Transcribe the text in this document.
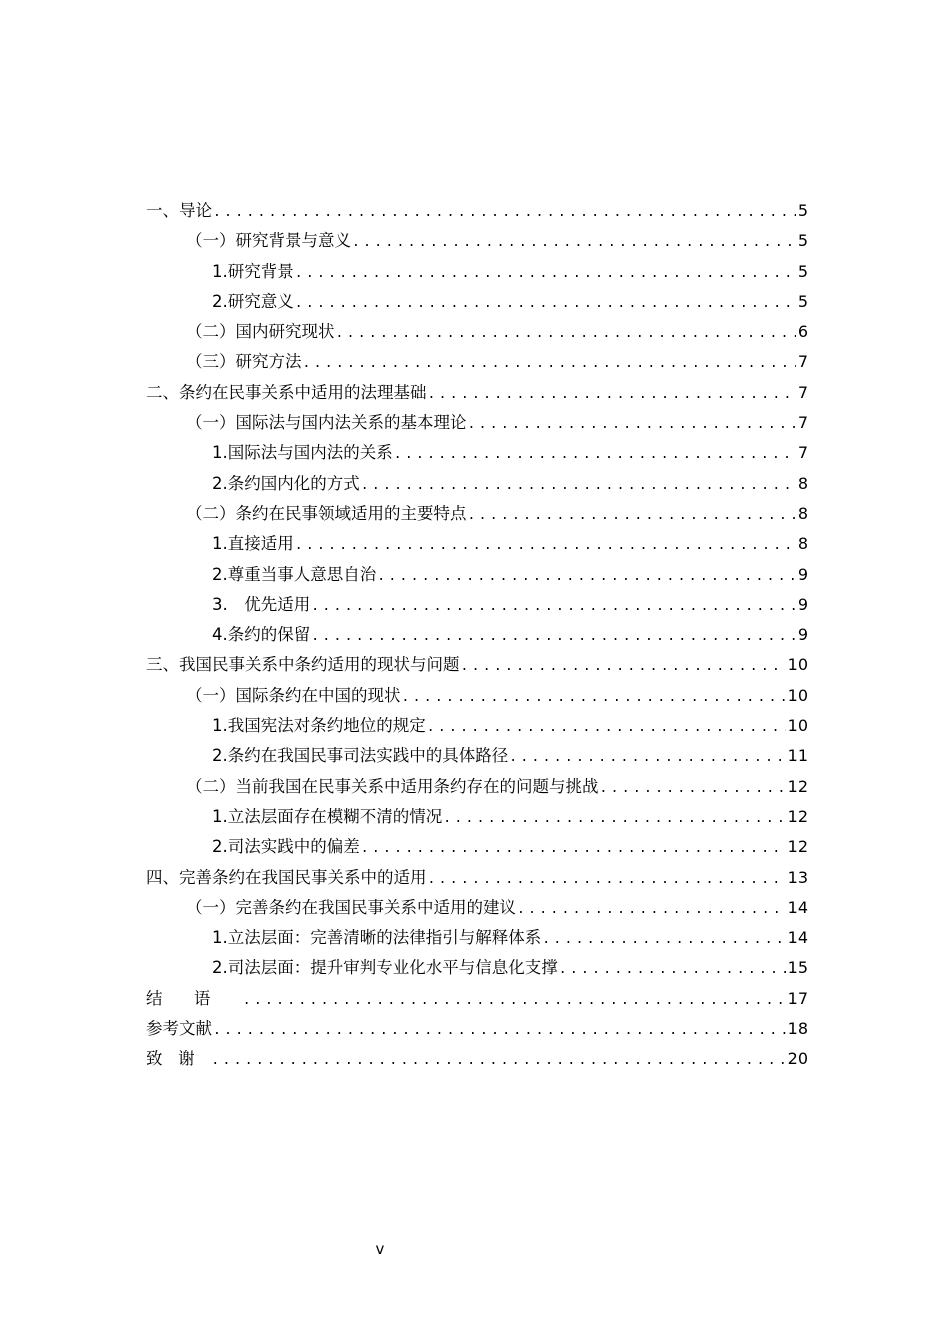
一、导论 .....	5
（一）研究背景与意义 .....	5
1.研究背景 .....	5
2.研究意义 .....	5
（二）国内研究现状 .....	6
（三）研究方法 .....	7
二、条约在民事关系中适用的法理基础 .....	7
（一）国际法与国内法关系的基本理论 .....	7
1.国际法与国内法的关系 .....	7
2.条约国内化的方式 .....	8
（二）条约在民事领域适用的主要特点 .....	8
1.直接适用 .....	8
2.尊重当事人意思自治 .....	9
3.　优先适用 .....	9
4.条约的保留 .....	9
三、我国民事关系中条约适用的现状与问题 .....	10
（一）国际条约在中国的现状 .....	10
1.我国宪法对条约地位的规定 .....	10
2.条约在我国民事司法实践中的具体路径 .....	11
（二）当前我国在民事关系中适用条约存在的问题与挑战 .....	12
1.立法层面存在模糊不清的情况 .....	12
2.司法实践中的偏差 .....	12
四、完善条约在我国民事关系中的适用 .....	13
（一）完善条约在我国民事关系中适用的建议 .....	14
1.立法层面：完善清晰的法律指引与解释体系 .....	14
2.司法层面：提升审判专业化水平与信息化支撑 .....	15
结语 .....	17
参考文献 .....	18
致谢 .....	20
v
